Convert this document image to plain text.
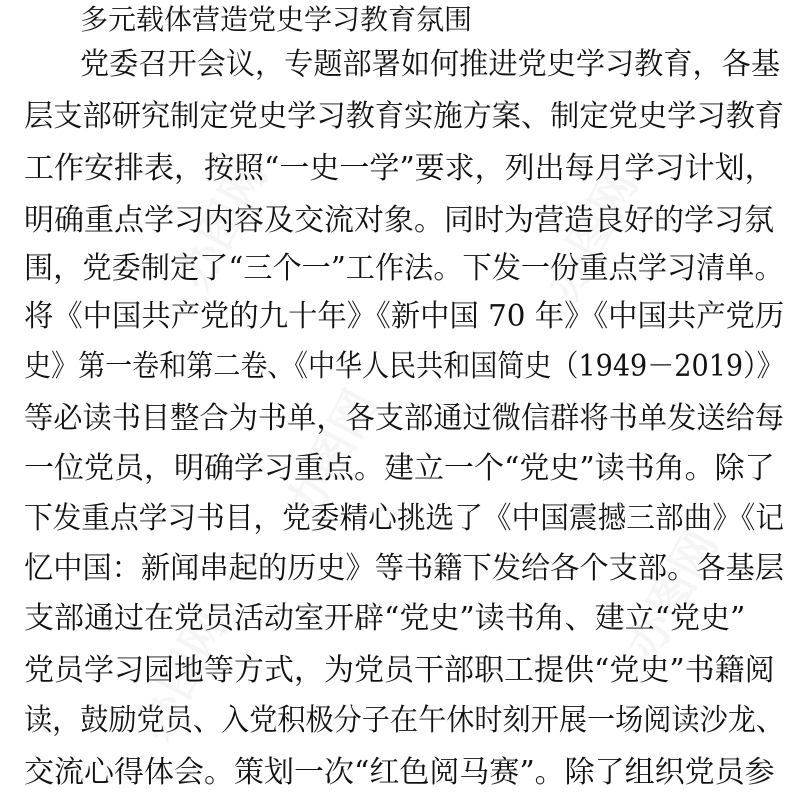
办图网	办图网
办图网
办图网
办图网
多元载体营造党史学习教育氛围
党委召开会议，专题部署如何推进党史学习教育，各基
层支部研究制定党史学习教育实施方案、制定党史学习教育
工作安排表，按照“一史一学”要求，列出每月学习计划，
明确重点学习内容及交流对象。同时为营造良好的学习氛
围，党委制定了“三个一”工作法。下发一份重点学习清单。
将《中国共产党的九十年》《新中国 70 年》《中国共产党历
史》第一卷和第二卷、《中华人民共和国简史（1949－2019）》
等必读书目整合为书单，各支部通过微信群将书单发送给每
一位党员，明确学习重点。建立一个“党史”读书角。除了
下发重点学习书目，党委精心挑选了《中国震撼三部曲》《记
忆中国：新闻串起的历史》等书籍下发给各个支部。各基层
支部通过在党员活动室开辟“党史”读书角、建立“党史”
党员学习园地等方式，为党员干部职工提供“党史”书籍阅
读，鼓励党员、入党积极分子在午休时刻开展一场阅读沙龙、
交流心得体会。策划一次“红色阅马赛”。除了组织党员参
